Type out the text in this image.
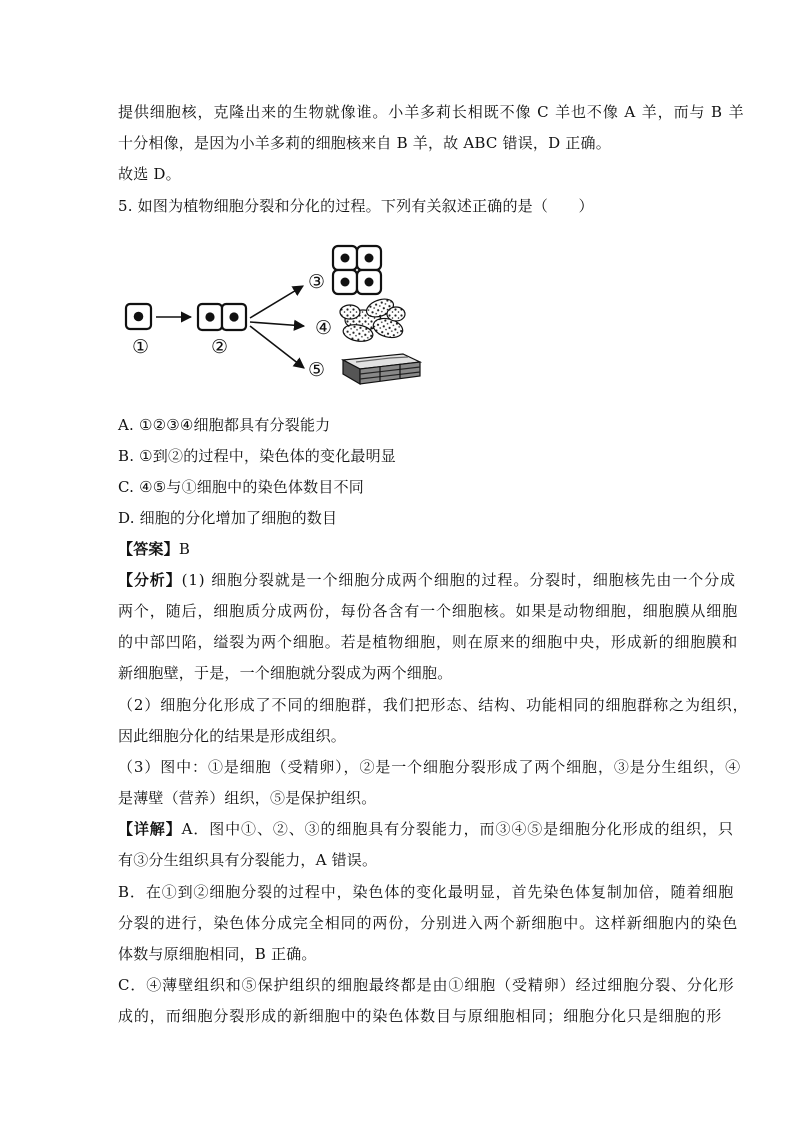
提供细胞核，克隆出来的生物就像谁。小羊多莉长相既不像 C 羊也不像 A 羊，而与 B 羊
十分相像，是因为小羊多莉的细胞核来自 B 羊，故 ABC 错误，D 正确。
故选 D。
5. 如图为植物细胞分裂和分化的过程。下列有关叙述正确的是（　　）
①	②
③
④
⑤
A. ①②③④细胞都具有分裂能力
B. ①到②的过程中，染色体的变化最明显
C. ④⑤与①细胞中的染色体数目不同
D. 细胞的分化增加了细胞的数目
【答案】B
【分析】(1) 细胞分裂就是一个细胞分成两个细胞的过程。分裂时，细胞核先由一个分成
两个，随后，细胞质分成两份，每份各含有一个细胞核。如果是动物细胞，细胞膜从细胞
的中部凹陷，缢裂为两个细胞。若是植物细胞，则在原来的细胞中央，形成新的细胞膜和
新细胞壁，于是，一个细胞就分裂成为两个细胞。
（2）细胞分化形成了不同的细胞群，我们把形态、结构、功能相同的细胞群称之为组织，
因此细胞分化的结果是形成组织。
（3）图中：①是细胞（受精卵），②是一个细胞分裂形成了两个细胞，③是分生组织，④
是薄壁（营养）组织，⑤是保护组织。
【详解】A．图中①、②、③的细胞具有分裂能力，而③④⑤是细胞分化形成的组织，只
有③分生组织具有分裂能力，A 错误。
B．在①到②细胞分裂的过程中，染色体的变化最明显，首先染色体复制加倍，随着细胞
分裂的进行，染色体分成完全相同的两份，分别进入两个新细胞中。这样新细胞内的染色
体数与原细胞相同，B 正确。
C．④薄壁组织和⑤保护组织的细胞最终都是由①细胞（受精卵）经过细胞分裂、分化形
成的，而细胞分裂形成的新细胞中的染色体数目与原细胞相同；细胞分化只是细胞的形
